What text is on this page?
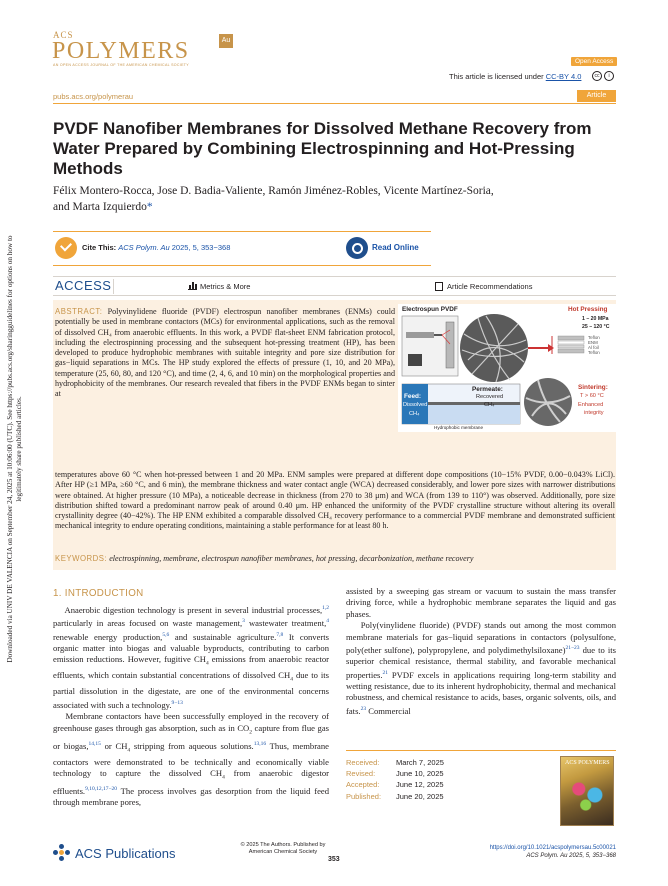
Downloaded via UNIV DE VALENCIA on September 24, 2025 at 10:06:00 (UTC). See https://pubs.acs.org/sharingguidelines for options on how to legitimately share published articles.
ACS
POLYMERS	Au
AN OPEN ACCESS JOURNAL OF THE AMERICAN CHEMICAL SOCIETY	Open Access
This article is licensed under CC-BY 4.0	cc	i
pubs.acs.org/polymerau	Article
PVDF Nanofiber Membranes for Dissolved Methane Recovery from Water Prepared by Combining Electrospinning and Hot-Pressing Methods
Félix Montero-Rocca, Jose D. Badia-Valiente, Ramón Jiménez-Robles, Vicente Martínez-Soria,
and Marta Izquierdo*
Cite This: ACS Polym. Au 2025, 5, 353−368	Read Online
ACCESS	Metrics & More	Article Recommendations
ABSTRACT: Polyvinylidene fluoride (PVDF) electrospun nanofiber membranes (ENMs) could potentially be used in membrane contactors (MCs) for environmental applications, such as the removal of dissolved CH₄ from anaerobic effluents. In this work, a PVDF flat-sheet ENM fabrication protocol, including the electrospinning processing and the subsequent hot-pressing treatment (HP), has been developed to produce hydrophobic membranes with suitable integrity and pore size distribution for gas−liquid separations in MCs. The HP study explored the effects of pressure (1, 10, and 20 MPa), temperature (25, 60, 80, and 120 °C), and time (2, 4, 6, and 10 min) on the morphological properties and hydrophobicity of the membranes. Our research revealed that fibers in the PVDF ENMs began to sinter at
temperatures above 60 °C when hot-pressed between 1 and 20 MPa. ENM samples were prepared at different dope compositions (10−15% PVDF, 0.00−0.043% LiCl). After HP (≥1 MPa, ≥60 °C, and 6 min), the membrane thickness and water contact angle (WCA) decreased considerably, and lower pore sizes with narrower distributions were obtained. At higher pressure (10 MPa), a noticeable decrease in thickness (from 270 to 38 μm) and WCA (from 139 to 110°) was observed. Additionally, pore size distribution shifted toward a predominant narrow peak of around 0.40 μm. HP enhanced the uniformity of the PVDF crystalline structure without altering its overall crystallinity degree (40−42%). The HP ENM exhibited a comparable dissolved CH₄ recovery performance to a commercial PVDF membrane and demonstrated sufficient mechanical integrity to endure operating conditions, maintaining a stable performance for at least 80 h.
KEYWORDS: electrospinning, membrane, electrospun nanofiber membranes, hot pressing, decarbonization, methane recovery
Electrospun PVDF	Hot Pressing
1 – 20 MPa
25 – 120 °C
Teflon
ENM
Al foil
Teflon
Feed:
Dissolved
CH₄
Permeate:
Recovered
CH₄
Hydrophobic membrane
Sintering:
T > 60 °C
Enhanced
integrity
1. INTRODUCTION

Anaerobic digestion technology is present in several industrial processes,$^{1,2}$ particularly in areas focused on waste management,$^3$ wastewater treatment,$^4$ renewable energy production,$^{5,6}$ and sustainable agriculture.$^{7,8}$ It converts organic matter into biogas and valuable byproducts, contributing to carbon emission reductions. However, fugitive $CH_4$ emissions from anaerobic reactor effluents, which contain substantial concentrations of dissolved $CH_4$ due to its partial dissolution in the digestate, are one of the environmental concerns associated with such a technology.$^{9-13}$

Membrane contactors have been successfully employed in the recovery of greenhouse gases through gas absorption, such as in $CO_2$ capture from flue gas or biogas,$^{14,15}$ or $CH_4$ stripping from aqueous solutions.$^{13,16}$ Thus, membrane contactors were demonstrated to be technically and economically viable technology to capture the dissolved $CH_4$ from anaerobic digestor effluents.$^{9,10,12,17-20}$ The process involves gas desorption from the liquid feed through membrane pores,

assisted by a sweeping gas stream or vacuum to sustain the mass transfer driving force, while a hydrophobic membrane separates the liquid and gas phases.

Poly(vinylidene fluoride) (PVDF) stands out among the most common membrane materials for gas−liquid separations in contactors (polysulfone, poly(ether sulfone), polypropylene, and polydimethylsiloxane)$^{21-23}$ due to its superior chemical resistance, thermal stability, and favorable mechanical properties.$^{21}$ PVDF excels in applications requiring long-term stability and wetting resistance, due to its inherent hydrophobicity, thermal and mechanical robustness, and chemical resistance to acids, bases, organic solvents, oils, and fats.$^{23}$ Commercial

Received:	March 7, 2025
Revised:	June 10, 2025
Accepted:	June 12, 2025
Published:	June 20, 2025
ACS POLYMERS
ACS Publications
© 2025 The Authors. Published by
American Chemical Society
353
https://doi.org/10.1021/acspolymersau.5c00021
ACS Polym. Au 2025, 5, 353−368
